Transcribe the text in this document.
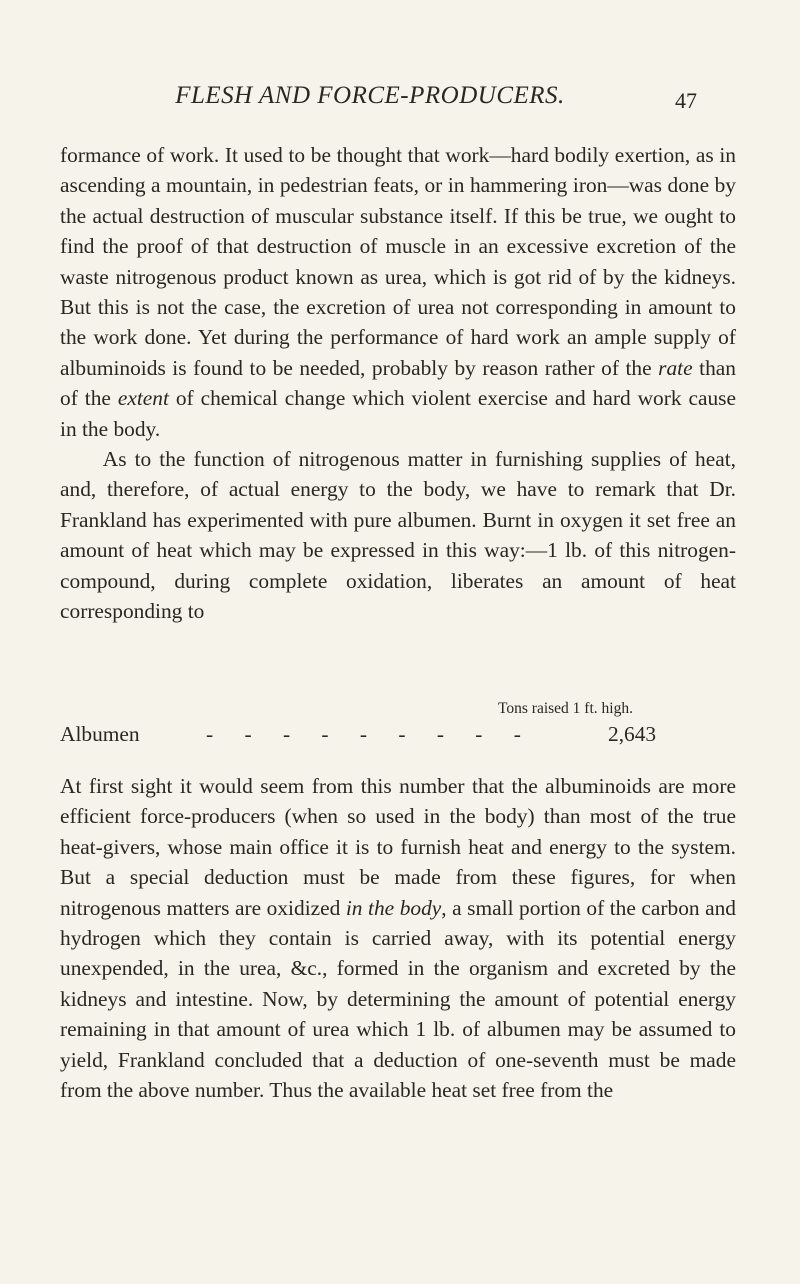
FLESH AND FORCE-PRODUCERS.	47

formance of work. It used to be thought that work—hard bodily exertion, as in ascending a mountain, in pedestrian feats, or in hammering iron—was done by the actual destruction of muscular substance itself. If this be true, we ought to find the proof of that destruction of muscle in an excessive excretion of the waste nitrogenous product known as urea, which is got rid of by the kidneys. But this is not the case, the excretion of urea not corresponding in amount to the work done. Yet during the performance of hard work an ample supply of albuminoids is found to be needed, probably by reason rather of the rate than of the extent of chemical change which violent exercise and hard work cause in the body.

As to the function of nitrogenous matter in furnishing supplies of heat, and, therefore, of actual energy to the body, we have to remark that Dr. Frankland has experimented with pure albumen. Burnt in oxygen it set free an amount of heat which may be expressed in this way:—1 lb. of this nitrogen-compound, during complete oxidation, liberates an amount of heat corresponding to

Tons raised 1 ft. high.
Albumen	- - - - - - - - -	2,643

At first sight it would seem from this number that the albuminoids are more efficient force-producers (when so used in the body) than most of the true heat-givers, whose main office it is to furnish heat and energy to the system. But a special deduction must be made from these figures, for when nitrogenous matters are oxidized in the body, a small portion of the carbon and hydrogen which they contain is carried away, with its potential energy unexpended, in the urea, &c., formed in the organism and excreted by the kidneys and intestine. Now, by determining the amount of potential energy remaining in that amount of urea which 1 lb. of albumen may be assumed to yield, Frankland concluded that a deduction of one-seventh must be made from the above number. Thus the available heat set free from the
